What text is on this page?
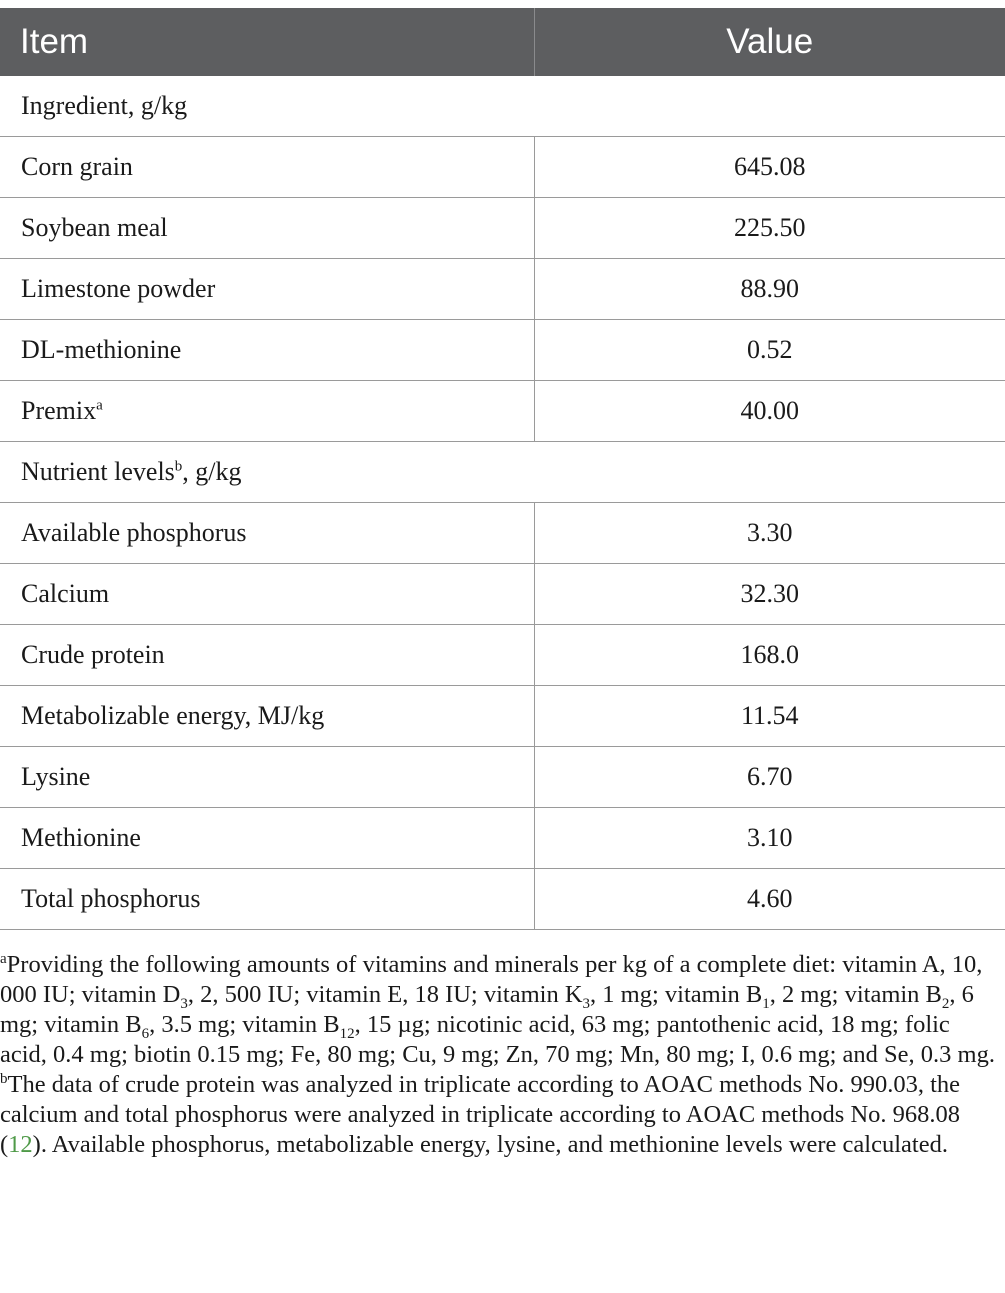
Item	Value
Ingredient, g/kg	
Corn grain	645.08
Soybean meal	225.50
Limestone powder	88.90
DL-methionine	0.52
Premix$^a$	40.00
Nutrient levels$^b$, g/kg	
Available phosphorus	3.30
Calcium	32.30
Crude protein	168.0
Metabolizable energy, MJ/kg	11.54
Lysine	6.70
Methionine	3.10
Total phosphorus	4.60

$^a$Providing the following amounts of vitamins and minerals per kg of a complete diet: vitamin A, 10, 000 IU; vitamin $D_3$, 2, 500 IU; vitamin E, 18 IU; vitamin $K_3$, 1 mg; vitamin $B_1$, 2 mg; vitamin $B_2$, 6 mg; vitamin $B_6$, 3.5 mg; vitamin $B_{12}$, 15 µg; nicotinic acid, 63 mg; pantothenic acid, 18 mg; folic acid, 0.4 mg; biotin 0.15 mg; Fe, 80 mg; Cu, 9 mg; Zn, 70 mg; Mn, 80 mg; I, 0.6 mg; and Se, 0.3 mg.

$^b$The data of crude protein was analyzed in triplicate according to AOAC methods No. 990.03, the calcium and total phosphorus were analyzed in triplicate according to AOAC methods No. 968.08 (12). Available phosphorus, metabolizable energy, lysine, and methionine levels were calculated.
